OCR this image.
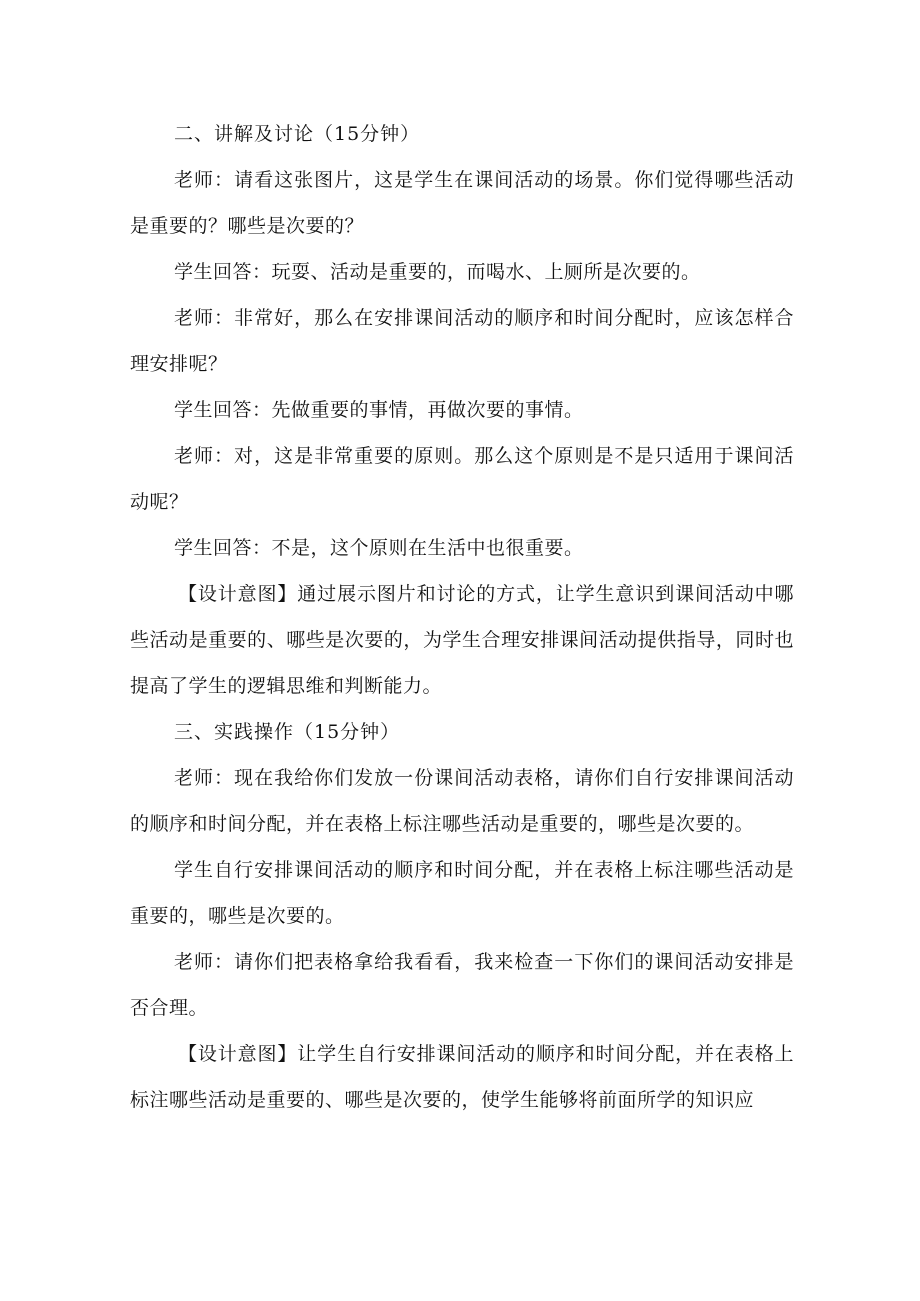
二、讲解及讨论（15分钟）

老师：请看这张图片，这是学生在课间活动的场景。你们觉得哪些活动是重要的？哪些是次要的？

学生回答：玩耍、活动是重要的，而喝水、上厕所是次要的。

老师：非常好，那么在安排课间活动的顺序和时间分配时，应该怎样合理安排呢？

学生回答：先做重要的事情，再做次要的事情。

老师：对，这是非常重要的原则。那么这个原则是不是只适用于课间活动呢？

学生回答：不是，这个原则在生活中也很重要。

【设计意图】通过展示图片和讨论的方式，让学生意识到课间活动中哪些活动是重要的、哪些是次要的，为学生合理安排课间活动提供指导，同时也提高了学生的逻辑思维和判断能力。

三、实践操作（15分钟）

老师：现在我给你们发放一份课间活动表格，请你们自行安排课间活动的顺序和时间分配，并在表格上标注哪些活动是重要的，哪些是次要的。

学生自行安排课间活动的顺序和时间分配，并在表格上标注哪些活动是重要的，哪些是次要的。

老师：请你们把表格拿给我看看，我来检查一下你们的课间活动安排是否合理。

【设计意图】让学生自行安排课间活动的顺序和时间分配，并在表格上标注哪些活动是重要的、哪些是次要的，使学生能够将前面所学的知识应
